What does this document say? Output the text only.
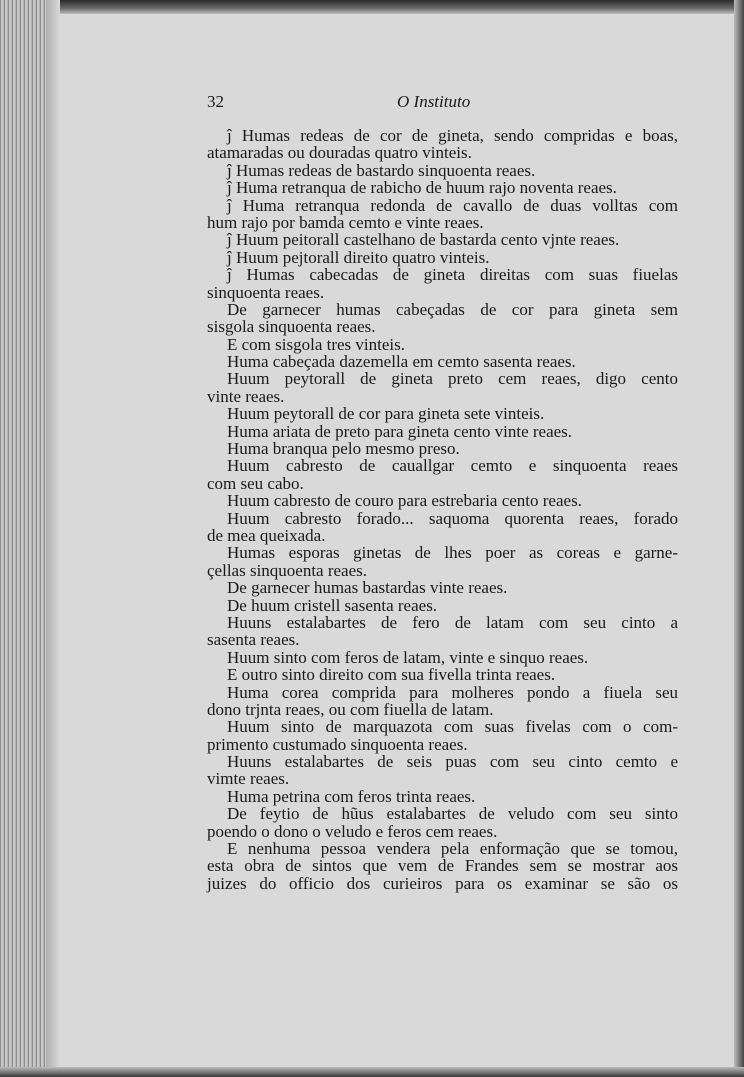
32	O Instituto
ĵ Humas redeas de cor de gineta, sendo compridas e boas,
atamaradas ou douradas quatro vinteis.
ĵ Humas redeas de bastardo sinquoenta reaes.
ĵ Huma retranqua de rabicho de huum rajo noventa reaes.
ĵ Huma retranqua redonda de cavallo de duas volltas com
hum rajo por bamda cemto e vinte reaes.
ĵ Huum peitorall castelhano de bastarda cento vjnte reaes.
ĵ Huum pejtorall direito quatro vinteis.
ĵ Humas cabecadas de gineta direitas com suas fiuelas
sinquoenta reaes.
De garnecer humas cabeçadas de cor para gineta sem
sisgola sinquoenta reaes.
E com sisgola tres vinteis.
Huma cabeçada dazemella em cemto sasenta reaes.
Huum peytorall de gineta preto cem reaes, digo cento
vinte reaes.
Huum peytorall de cor para gineta sete vinteis.
Huma ariata de preto para gineta cento vinte reaes.
Huma branqua pelo mesmo preso.
Huum cabresto de cauallgar cemto e sinquoenta reaes
com seu cabo.
Huum cabresto de couro para estrebaria cento reaes.
Huum cabresto forado... saquoma quorenta reaes, forado
de mea queixada.
Humas esporas ginetas de lhes poer as coreas e garne-
çellas sinquoenta reaes.
De garnecer humas bastardas vinte reaes.
De huum cristell sasenta reaes.
Huuns estalabartes de fero de latam com seu cinto a
sasenta reaes.
Huum sinto com feros de latam, vinte e sinquo reaes.
E outro sinto direito com sua fivella trinta reaes.
Huma corea comprida para molheres pondo a fiuela seu
dono trjnta reaes, ou com fiuella de latam.
Huum sinto de marquazota com suas fivelas com o com-
primento custumado sinquoenta reaes.
Huuns estalabartes de seis puas com seu cinto cemto e
vimte reaes.
Huma petrina com feros trinta reaes.
De feytio de hũus estalabartes de veludo com seu sinto
poendo o dono o veludo e feros cem reaes.
E nenhuma pessoa vendera pela enformação que se tomou,
esta obra de sintos que vem de Frandes sem se mostrar aos
juizes do officio dos curieiros para os examinar se são os
